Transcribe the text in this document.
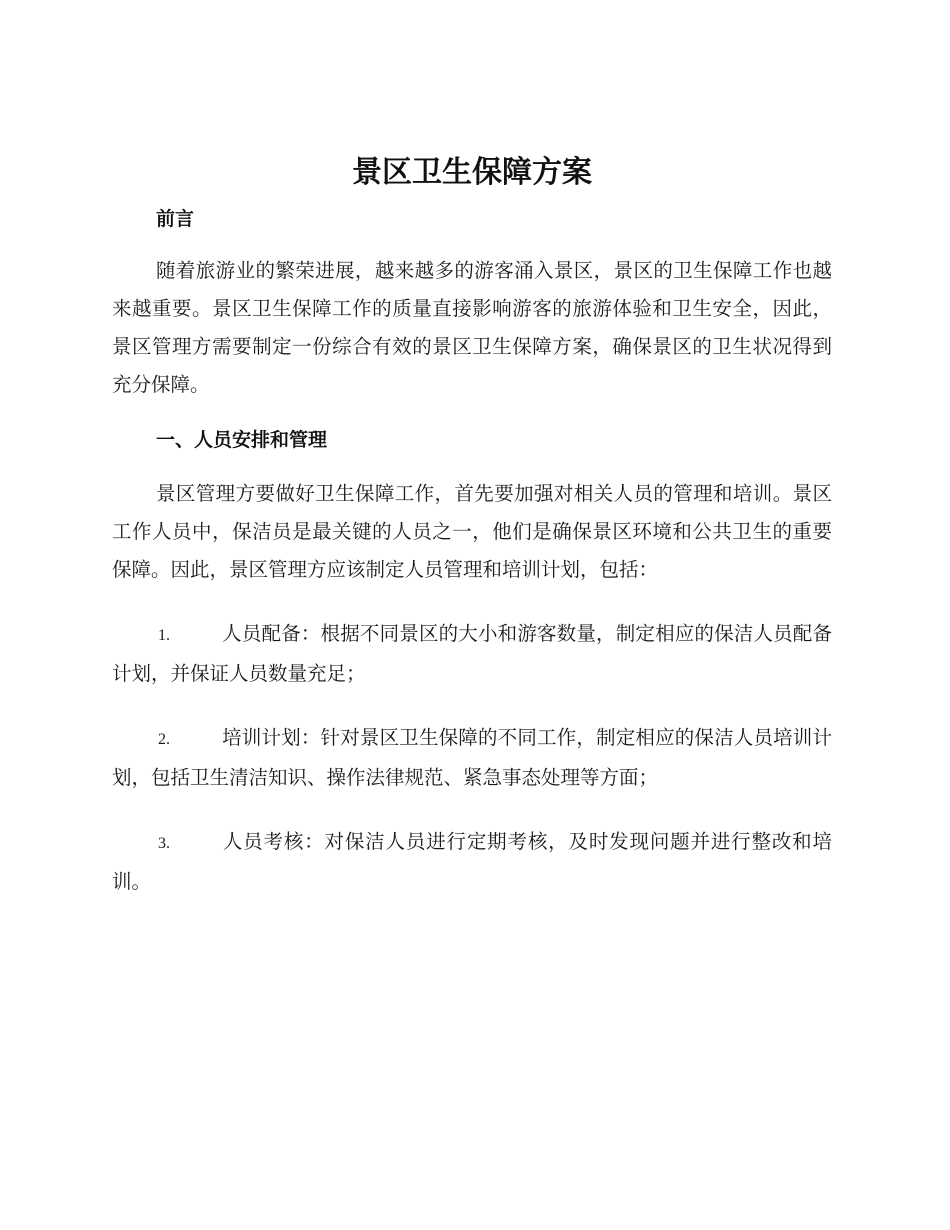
景区卫生保障方案
前言

随着旅游业的繁荣进展，越来越多的游客涌入景区，景区的卫生保障工作也越来越重要。景区卫生保障工作的质量直接影响游客的旅游体验和卫生安全，因此，景区管理方需要制定一份综合有效的景区卫生保障方案，确保景区的卫生状况得到充分保障。

一、人员安排和管理

景区管理方要做好卫生保障工作，首先要加强对相关人员的管理和培训。景区工作人员中，保洁员是最关键的人员之一，他们是确保景区环境和公共卫生的重要保障。因此，景区管理方应该制定人员管理和培训计划，包括：

1.	人员配备：根据不同景区的大小和游客数量，制定相应的保洁人员配备计划，并保证人员数量充足；

2.	培训计划：针对景区卫生保障的不同工作，制定相应的保洁人员培训计划，包括卫生清洁知识、操作法律规范、紧急事态处理等方面；

3.	人员考核：对保洁人员进行定期考核，及时发现问题并进行整改和培训。
